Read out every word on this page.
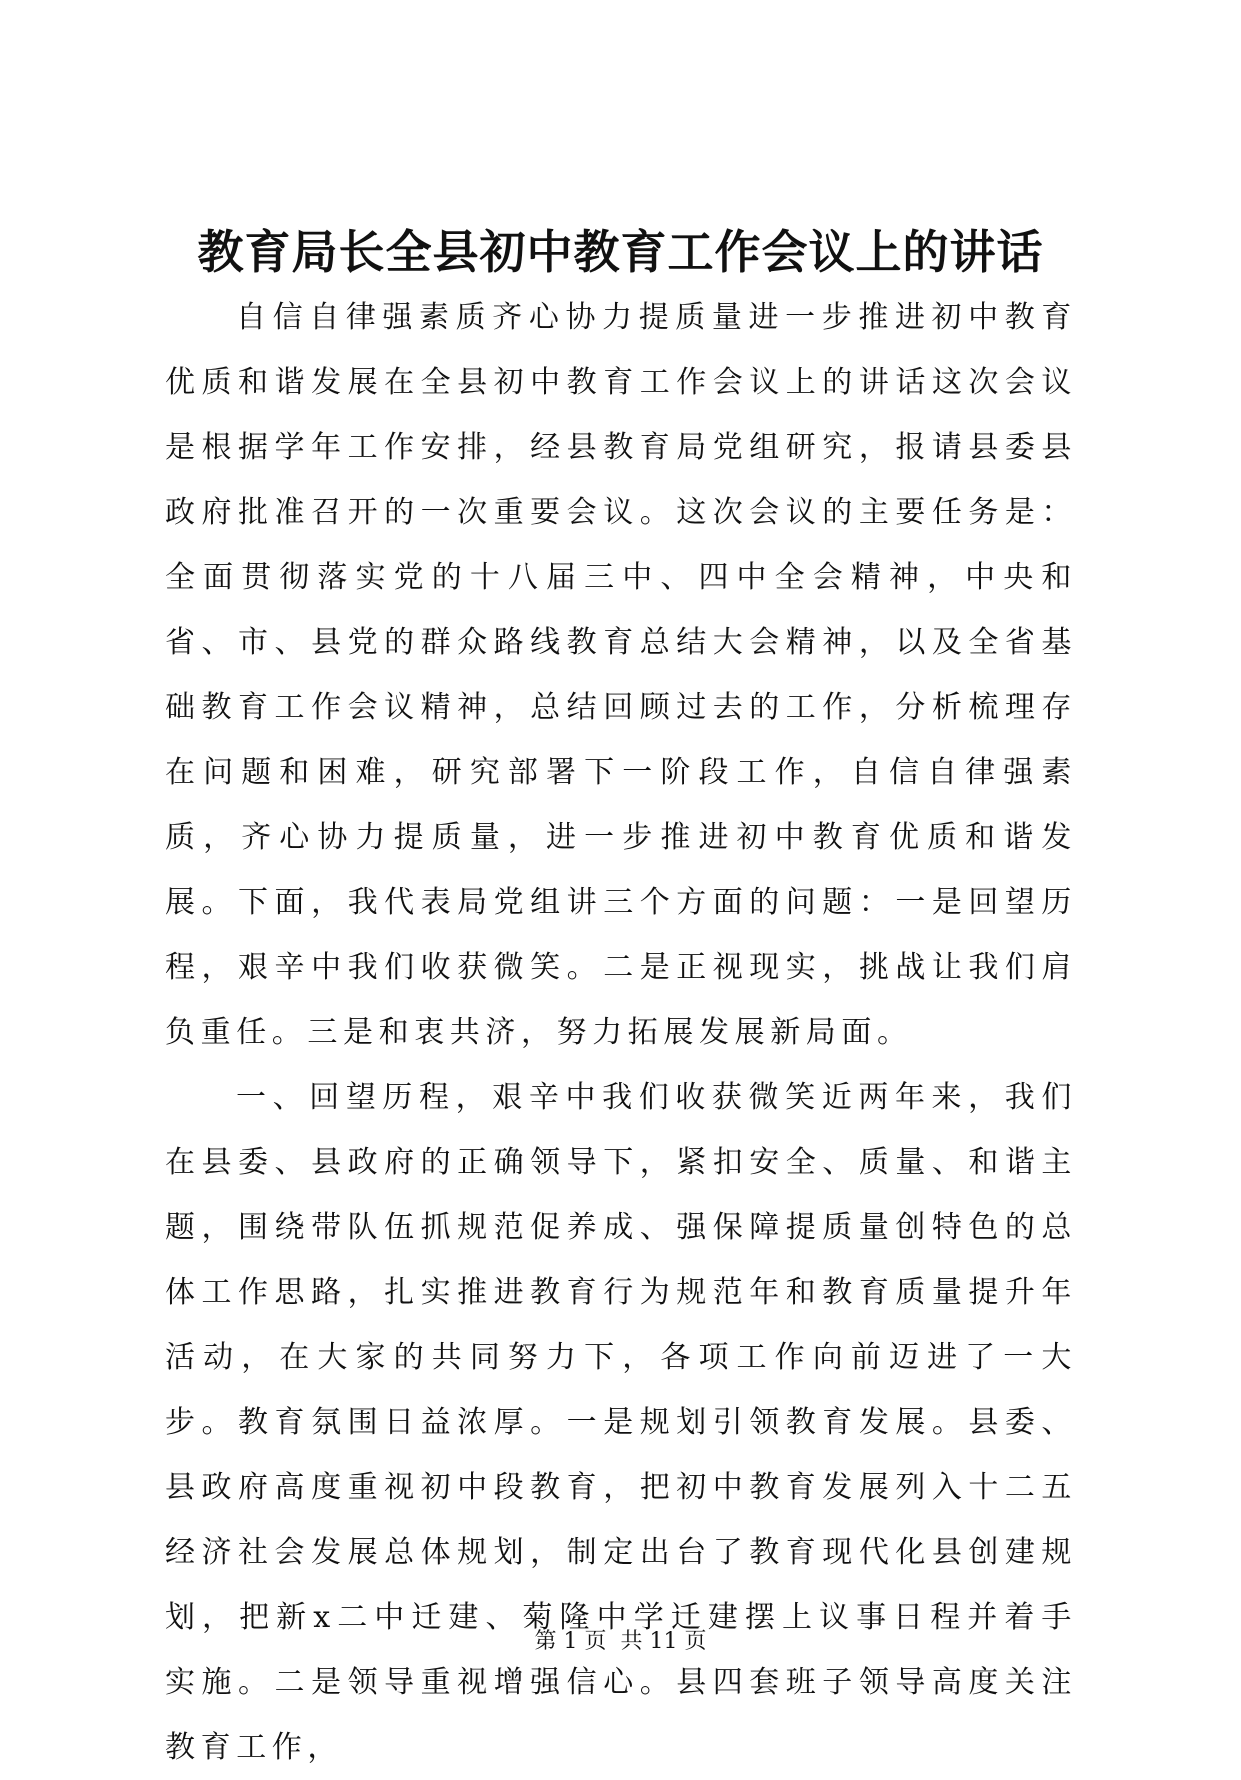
教育局长全县初中教育工作会议上的讲话

自信自律强素质齐心协力提质量进一步推进初中教育优质和谐发展在全县初中教育工作会议上的讲话这次会议是根据学年工作安排，经县教育局党组研究，报请县委县政府批准召开的一次重要会议。这次会议的主要任务是：全面贯彻落实党的十八届三中、四中全会精神，中央和省、市、县党的群众路线教育总结大会精神，以及全省基础教育工作会议精神，总结回顾过去的工作，分析梳理存在问题和困难，研究部署下一阶段工作，自信自律强素质，齐心协力提质量，进一步推进初中教育优质和谐发展。下面，我代表局党组讲三个方面的问题：一是回望历程，艰辛中我们收获微笑。二是正视现实，挑战让我们肩负重任。三是和衷共济，努力拓展发展新局面。

一、回望历程，艰辛中我们收获微笑近两年来，我们在县委、县政府的正确领导下，紧扣安全、质量、和谐主题，围绕带队伍抓规范促养成、强保障提质量创特色的总体工作思路，扎实推进教育行为规范年和教育质量提升年活动，在大家的共同努力下，各项工作向前迈进了一大步。教育氛围日益浓厚。一是规划引领教育发展。县委、县政府高度重视初中段教育，把初中教育发展列入十二五经济社会发展总体规划，制定出台了教育现代化县创建规划，把新x二中迁建、菊隆中学迁建摆上议事日程并着手实施。二是领导重视增强信心。县四套班子领导高度关注教育工作，

第 1 页  共 11 页
